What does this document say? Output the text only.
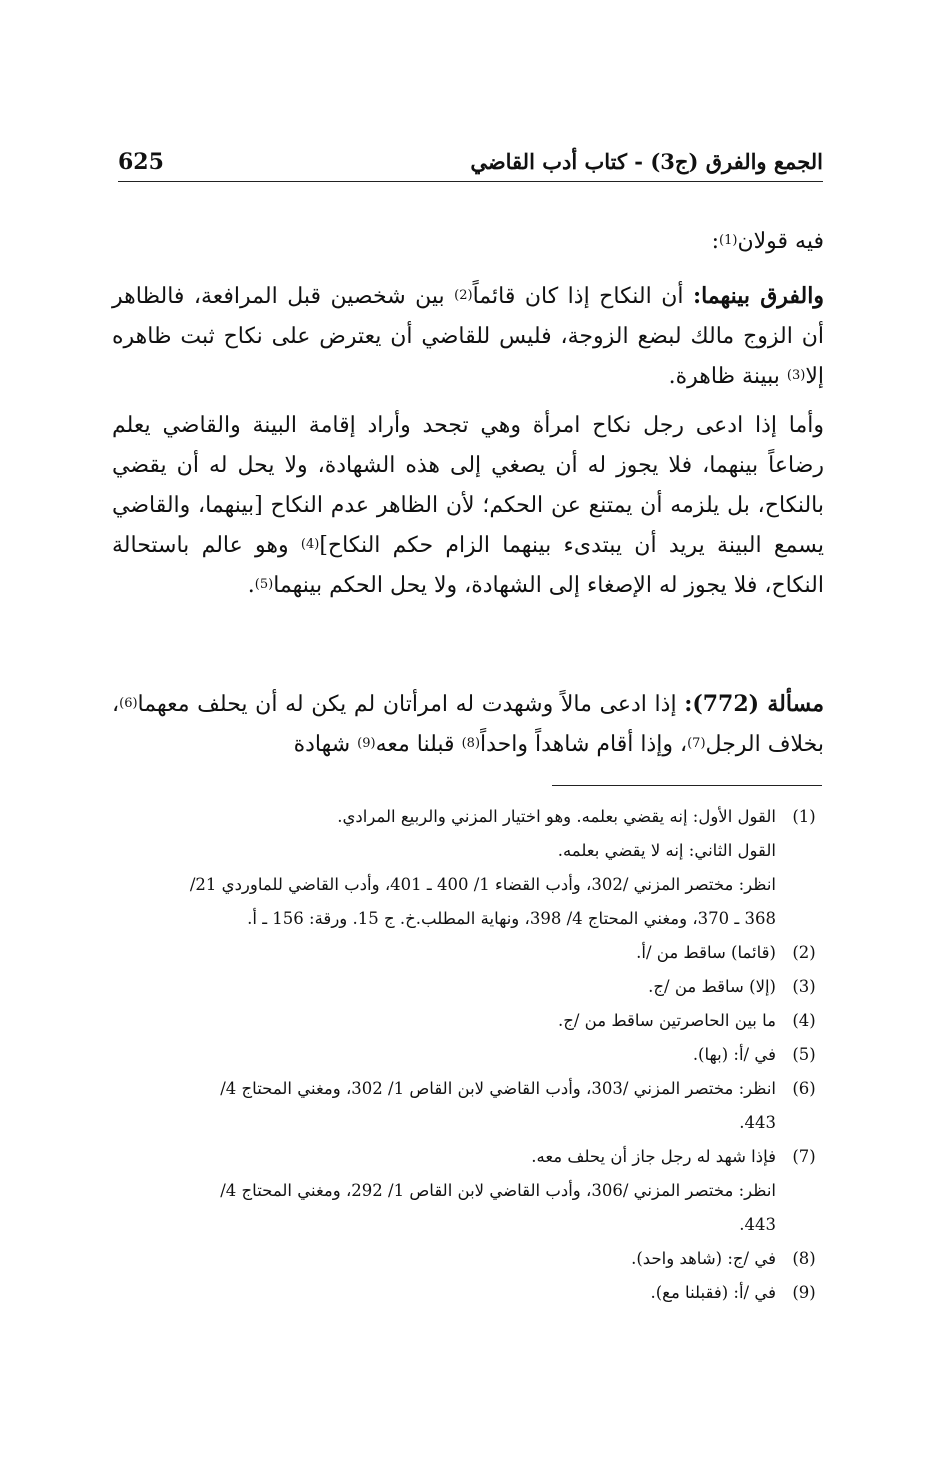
الجمع والفرق (ج3) - كتاب أدب القاضي
625

فيه قولان$^{(1)}$:

والفرق بينهما: أن النكاح إذا كان قائماً$^{(2)}$ بين شخصين قبل المرافعة، فالظاهر أن الزوج مالك لبضع الزوجة، فليس للقاضي أن يعترض على نكاح ثبت ظاهره إلا$^{(3)}$ ببينة ظاهرة.

وأما إذا ادعى رجل نكاح امرأة وهي تجحد وأراد إقامة البينة والقاضي يعلم رضاعاً بينهما، فلا يجوز له أن يصغي إلى هذه الشهادة، ولا يحل له أن يقضي بالنكاح، بل يلزمه أن يمتنع عن الحكم؛ لأن الظاهر عدم النكاح [بينهما، والقاضي يسمع البينة يريد أن يبتدىء بينهما الزام حكم النكاح]$^{(4)}$ وهو عالم باستحالة النكاح، فلا يجوز له الإصغاء إلى الشهادة، ولا يحل الحكم بينهما$^{(5)}$.

مسألة (772): إذا ادعى مالاً وشهدت له امرأتان لم يكن له أن يحلف معهما$^{(6)}$، بخلاف الرجل$^{(7)}$، وإذا أقام شاهداً واحداً$^{(8)}$ قبلنا معه$^{(9)}$ شهادة

(1)
القول الأول: إنه يقضي بعلمه. وهو اختيار المزني والربيع المرادي.
القول الثاني: إنه لا يقضي بعلمه.
انظر: مختصر المزني /302، وأدب القضاء 1/ 400 ـ 401، وأدب القاضي للماوردي 21/
368 ـ 370، ومغني المحتاج 4/ 398، ونهاية المطلب.خ. ج 15. ورقة: 156 ـ أ.
(2)
(قائما) ساقط من /أ.
(3)
(إلا) ساقط من /ج.
(4)
ما بين الحاصرتين ساقط من /ج.
(5)
في /أ: (بها).
(6)
انظر: مختصر المزني /303، وأدب القاضي لابن القاص 1/ 302، ومغني المحتاج 4/
443.
(7)
فإذا شهد له رجل جاز أن يحلف معه.
انظر: مختصر المزني /306، وأدب القاضي لابن القاص 1/ 292، ومغني المحتاج 4/
443.
(8)
في /ج: (شاهد واحد).
(9)
في /أ: (فقبلنا مع).
